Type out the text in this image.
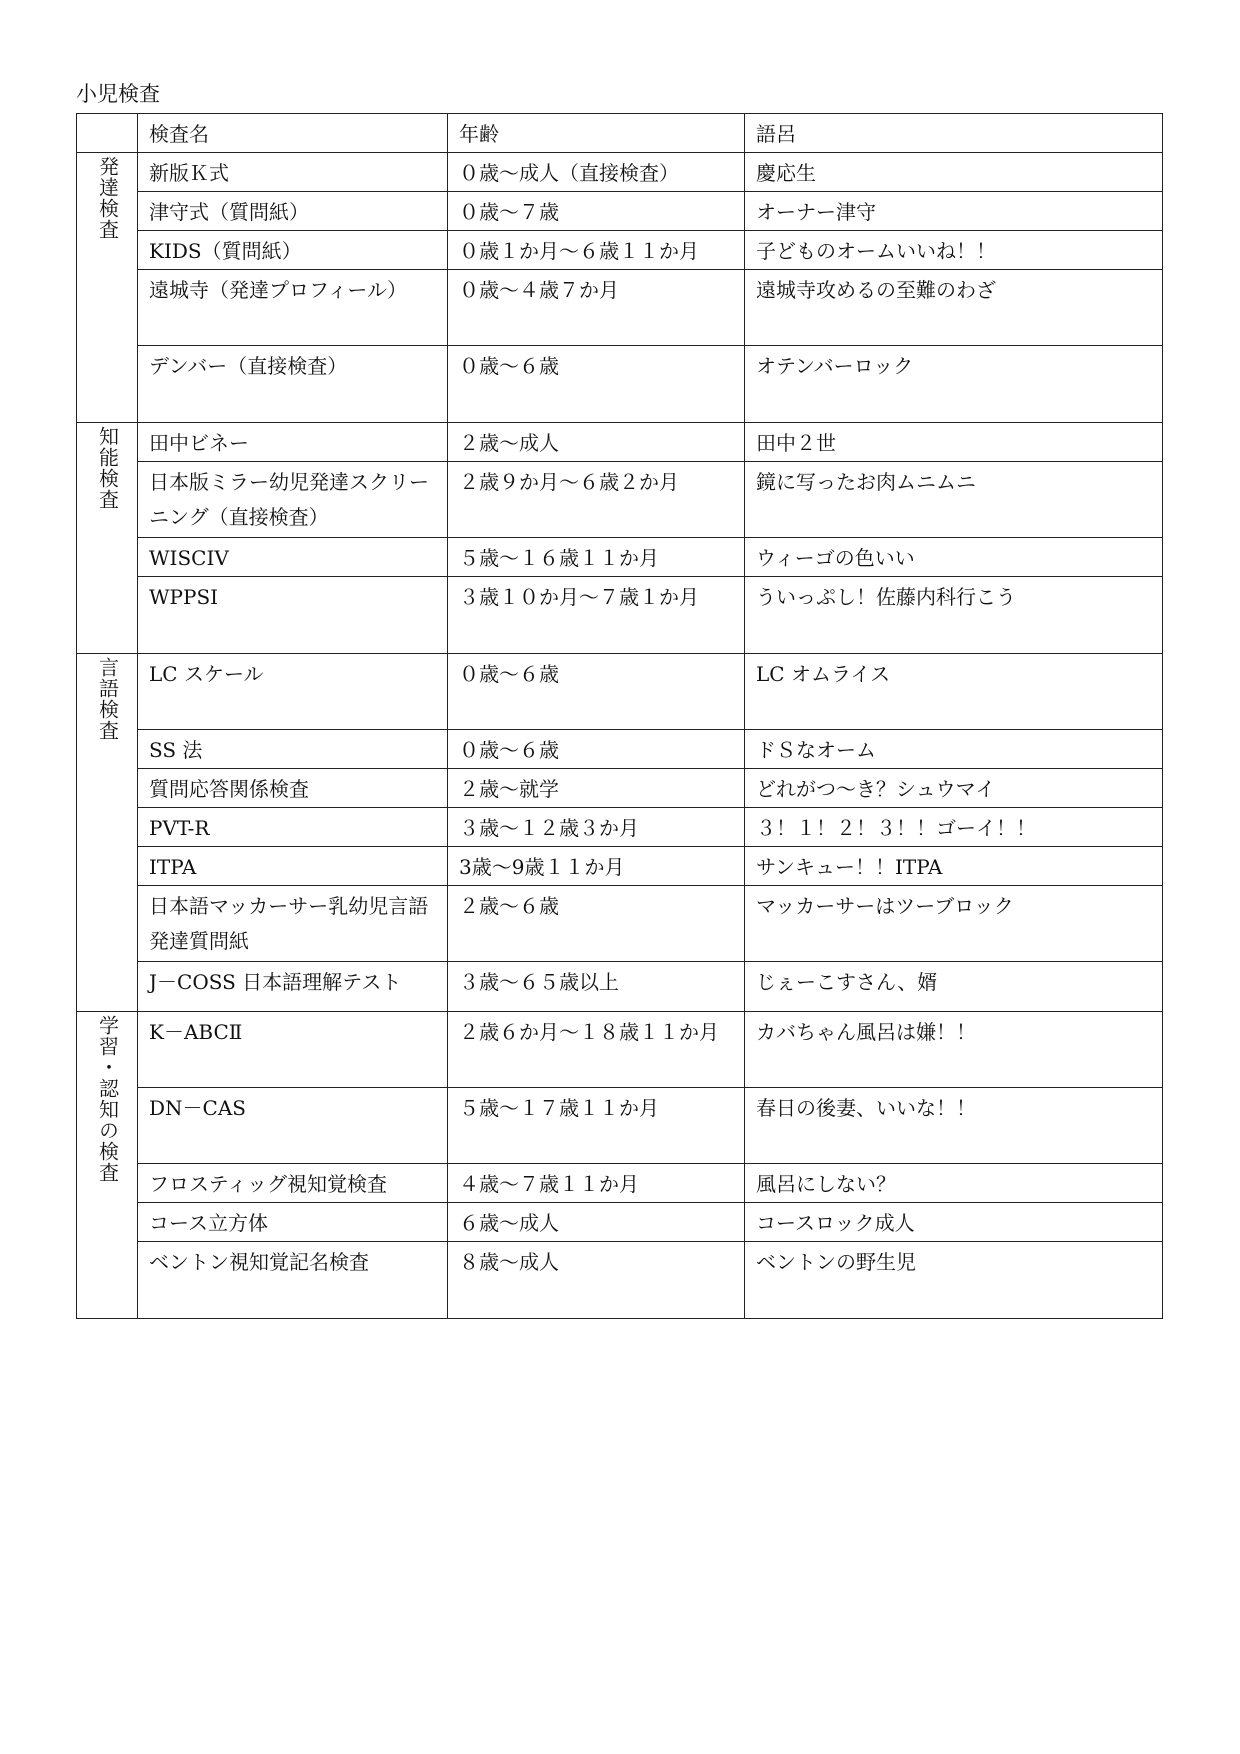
小児検査
	検査名	年齢	語呂
発達検査	新版Ｋ式	０歳～成人（直接検査）	慶応生
	津守式（質問紙）	０歳～７歳	オーナー津守
	KIDS（質問紙）	０歳１か月～６歳１１か月	子どものオームいいね！！
	遠城寺（発達プロフィール）	０歳～４歳７か月	遠城寺攻めるの至難のわざ
	デンバー（直接検査）	０歳～６歳	オテンバーロック
知能検査	田中ビネー	２歳～成人	田中２世
	日本版ミラー幼児発達スクリーニング（直接検査）	２歳９か月～６歳２か月	鏡に写ったお肉ムニムニ
	WISCIV	５歳～１６歳１１か月	ウィーゴの色いい
	WPPSI	３歳１０か月～７歳１か月	ういっぷし！佐藤内科行こう
言語検査	LC スケール	０歳～６歳	LC オムライス
	SS 法	０歳～６歳	ドＳなオーム
	質問応答関係検査	２歳～就学	どれがつ～き？シュウマイ
	PVT-R	３歳～１２歳３か月	３！１！２！３！！ゴーイ！！
	ITPA	3歳～9歳１１か月	サンキュー！！ITPA
	日本語マッカーサー乳幼児言語発達質問紙	２歳～６歳	マッカーサーはツーブロック
	J－COSS 日本語理解テスト	３歳～６５歳以上	じぇーこすさん、婿
学習・認知の検査	K－ABCⅡ	２歳６か月～１８歳１１か月	カバちゃん風呂は嫌！！
	DN－CAS	５歳～１７歳１１か月	春日の後妻、いいな！！
	フロスティッグ視知覚検査	４歳～７歳１１か月	風呂にしない？
	コース立方体	６歳～成人	コースロック成人
	ベントン視知覚記名検査	８歳～成人	ベントンの野生児
